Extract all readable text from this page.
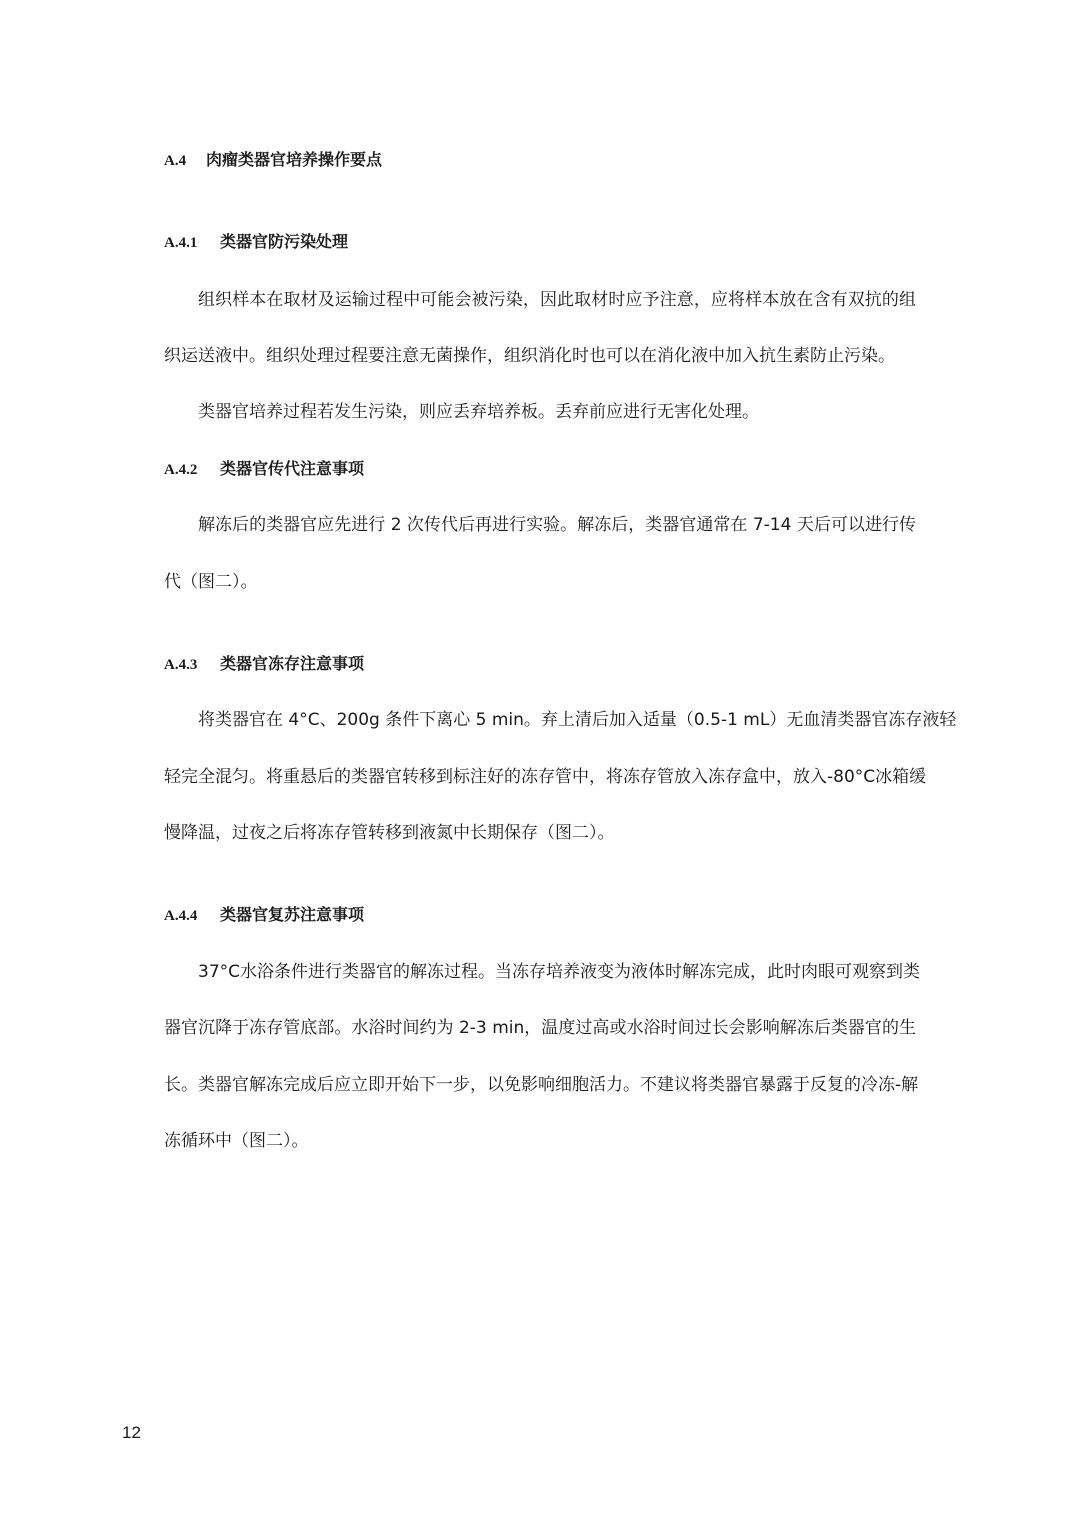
A.4 肉瘤类器官培养操作要点
A.4.1 类器官防污染处理
组织样本在取材及运输过程中可能会被污染，因此取材时应予注意，应将样本放在含有双抗的组
织运送液中。组织处理过程要注意无菌操作，组织消化时也可以在消化液中加入抗生素防止污染。
类器官培养过程若发生污染，则应丢弃培养板。丢弃前应进行无害化处理。
A.4.2 类器官传代注意事项
解冻后的类器官应先进行 2 次传代后再进行实验。解冻后，类器官通常在 7-14 天后可以进行传
代（图二）。
A.4.3 类器官冻存注意事项
将类器官在 4°C、200g 条件下离心 5 min。弃上清后加入适量（0.5-1 mL）无血清类器官冻存液轻
轻完全混匀。将重悬后的类器官转移到标注好的冻存管中，将冻存管放入冻存盒中，放入-80°C冰箱缓
慢降温，过夜之后将冻存管转移到液氮中长期保存（图二）。
A.4.4 类器官复苏注意事项
37°C水浴条件进行类器官的解冻过程。当冻存培养液变为液体时解冻完成，此时肉眼可观察到类
器官沉降于冻存管底部。水浴时间约为 2-3 min，温度过高或水浴时间过长会影响解冻后类器官的生
长。类器官解冻完成后应立即开始下一步，以免影响细胞活力。不建议将类器官暴露于反复的冷冻-解
冻循环中（图二）。
12
